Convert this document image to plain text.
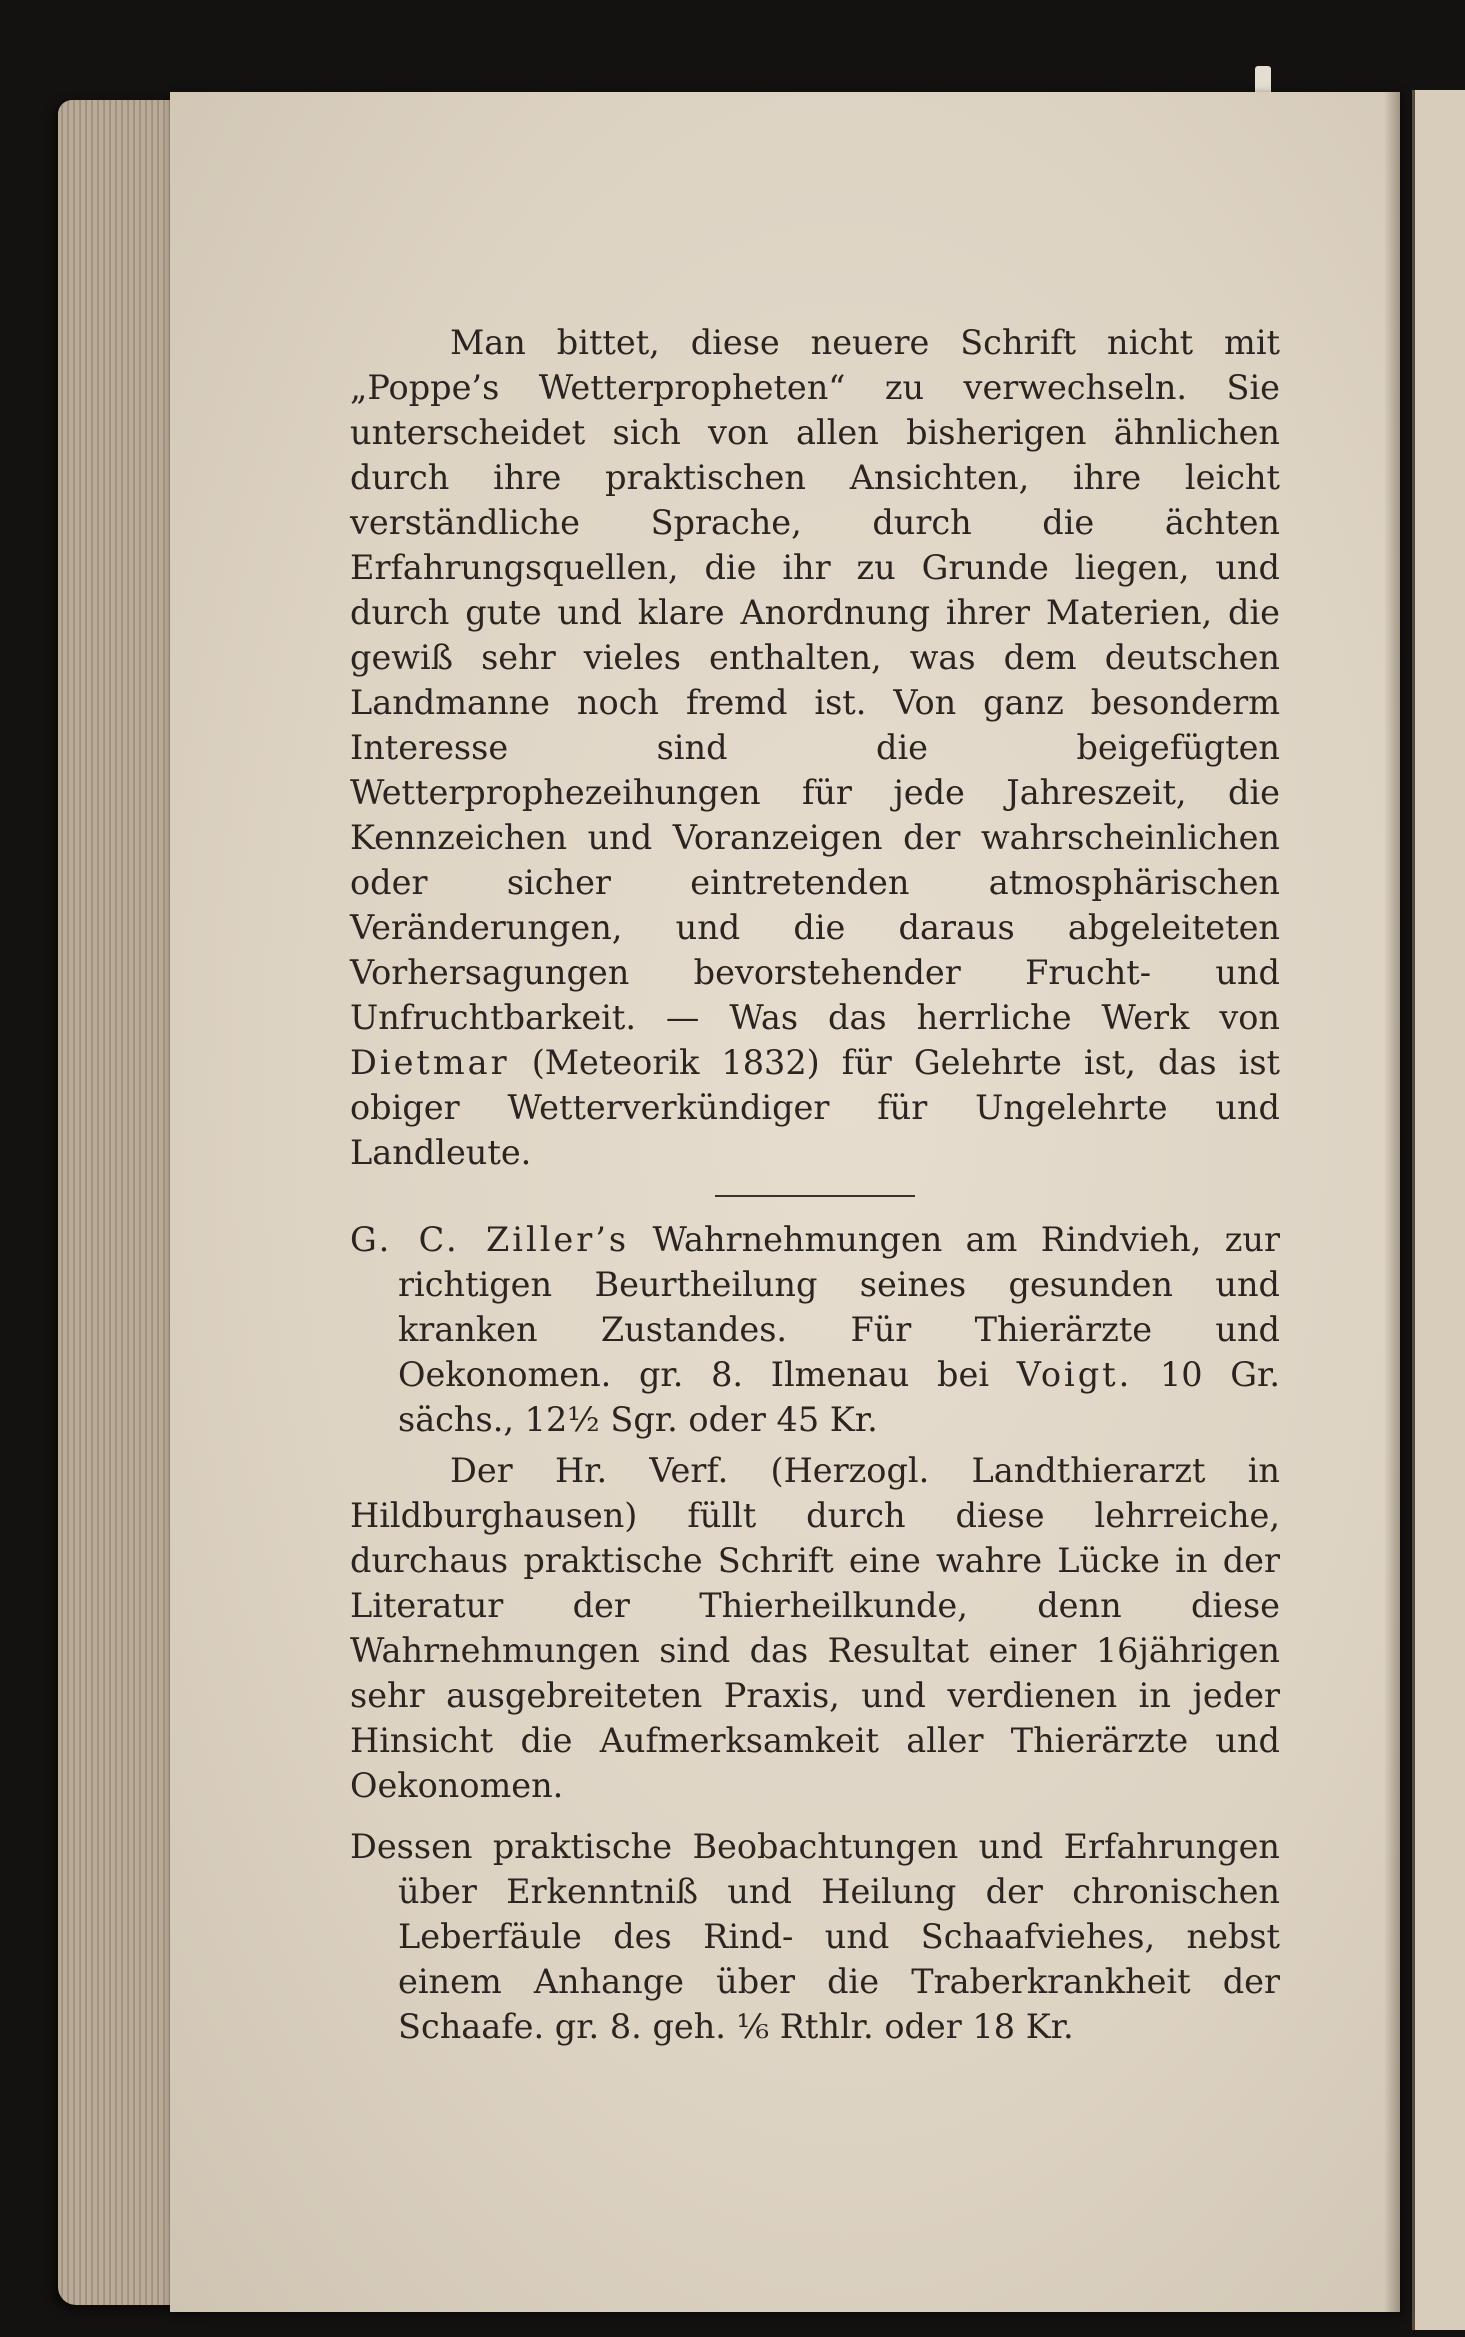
Man bittet, diese neuere Schrift nicht mit „Poppe’s Wetterpropheten“ zu verwechseln. Sie unterscheidet sich von allen bisherigen ähnlichen durch ihre praktischen Ansichten, ihre leicht verständliche Sprache, durch die ächten Erfahrungsquellen, die ihr zu Grunde liegen, und durch gute und klare Anordnung ihrer Materien, die gewiß sehr vieles enthalten, was dem deutschen Landmanne noch fremd ist. Von ganz besonderm Interesse sind die beigefügten Wetterprophezeihungen für jede Jahreszeit, die Kennzeichen und Voranzeigen der wahrscheinlichen oder sicher eintretenden atmosphärischen Veränderungen, und die daraus abgeleiteten Vorhersagungen bevorstehender Frucht- und Unfruchtbarkeit. — Was das herrliche Werk von Dietmar (Meteorik 1832) für Gelehrte ist, das ist obiger Wetterverkündiger für Ungelehrte und Landleute.

G. C. Ziller’s Wahrnehmungen am Rindvieh, zur richtigen Beurtheilung seines gesunden und kranken Zustandes. Für Thierärzte und Oekonomen. gr. 8. Ilmenau bei Voigt. 10 Gr. sächs., 12½ Sgr. oder 45 Kr.

Der Hr. Verf. (Herzogl. Landthierarzt in Hildburghausen) füllt durch diese lehrreiche, durchaus praktische Schrift eine wahre Lücke in der Literatur der Thierheilkunde, denn diese Wahrnehmungen sind das Resultat einer 16jährigen sehr ausgebreiteten Praxis, und verdienen in jeder Hinsicht die Aufmerksamkeit aller Thierärzte und Oekonomen.

Dessen praktische Beobachtungen und Erfahrungen über Erkenntniß und Heilung der chronischen Leberfäule des Rind- und Schaafviehes, nebst einem Anhange über die Traberkrankheit der Schaafe. gr. 8. geh. ⅙ Rthlr. oder 18 Kr.
